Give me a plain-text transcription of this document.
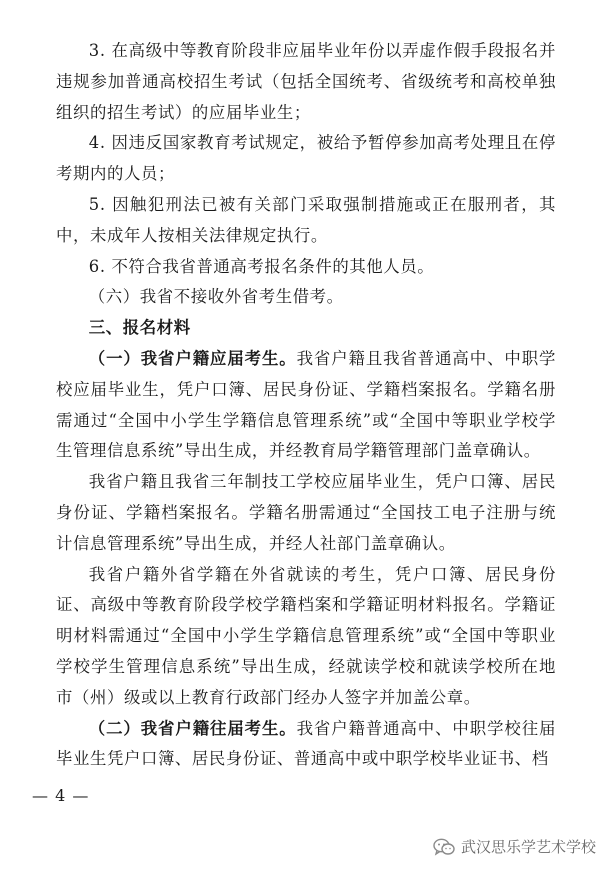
3. 在高级中等教育阶段非应届毕业年份以弄虚作假手段报名并违规参加普通高校招生考试（包括全国统考、省级统考和高校单独组织的招生考试）的应届毕业生；

4. 因违反国家教育考试规定，被给予暂停参加高考处理且在停考期内的人员；

5. 因触犯刑法已被有关部门采取强制措施或正在服刑者，其中，未成年人按相关法律规定执行。

6. 不符合我省普通高考报名条件的其他人员。

（六）我省不接收外省考生借考。

三、报名材料

（一）我省户籍应届考生。我省户籍且我省普通高中、中职学校应届毕业生，凭户口簿、居民身份证、学籍档案报名。学籍名册需通过“全国中小学生学籍信息管理系统”或“全国中等职业学校学生管理信息系统”导出生成，并经教育局学籍管理部门盖章确认。

我省户籍且我省三年制技工学校应届毕业生，凭户口簿、居民身份证、学籍档案报名。学籍名册需通过“全国技工电子注册与统计信息管理系统”导出生成，并经人社部门盖章确认。

我省户籍外省学籍在外省就读的考生，凭户口簿、居民身份证、高级中等教育阶段学校学籍档案和学籍证明材料报名。学籍证明材料需通过“全国中小学生学籍信息管理系统”或“全国中等职业学校学生管理信息系统”导出生成，经就读学校和就读学校所在地市（州）级或以上教育行政部门经办人签字并加盖公章。

（二）我省户籍往届考生。我省户籍普通高中、中职学校往届毕业生凭户口簿、居民身份证、普通高中或中职学校毕业证书、档

— 4 —
武汉思乐学艺术学校
